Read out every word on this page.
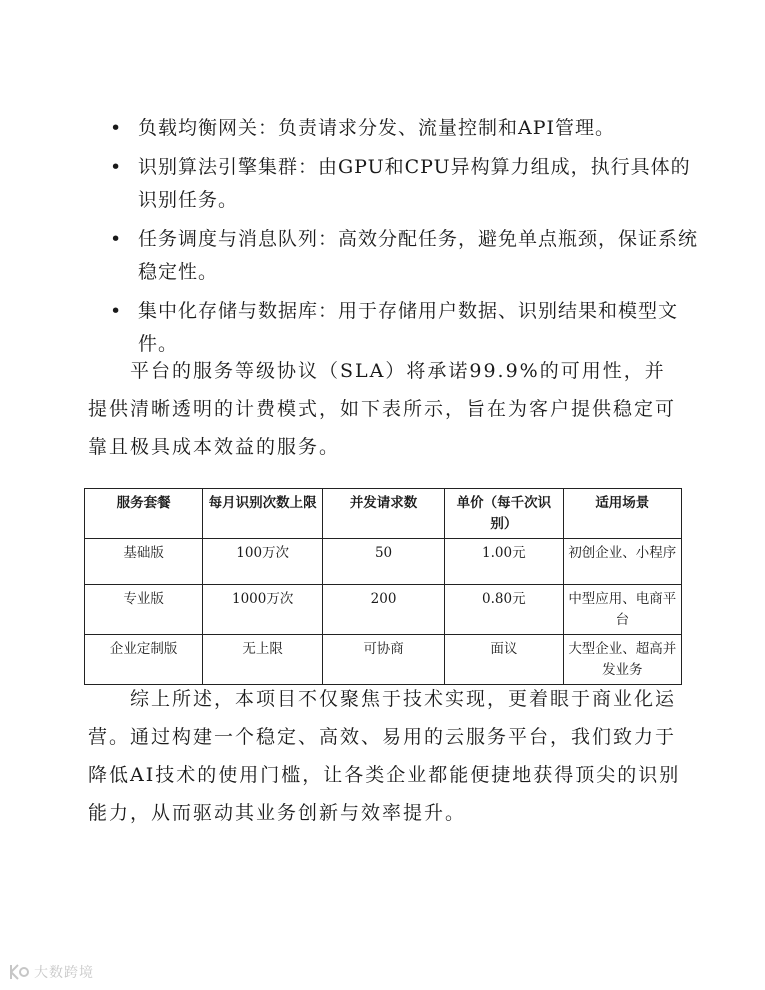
• 负载均衡网关：负责请求分发、流量控制和API管理。
• 识别算法引擎集群：由GPU和CPU异构算力组成，执行具体的识别任务。
• 任务调度与消息队列：高效分配任务，避免单点瓶颈，保证系统稳定性。
• 集中化存储与数据库：用于存储用户数据、识别结果和模型文件。

平台的服务等级协议（SLA）将承诺99.9%的可用性，并提供清晰透明的计费模式，如下表所示，旨在为客户提供稳定可靠且极具成本效益的服务。

服务套餐	每月识别次数上限	并发请求数	单价（每千次识别）	适用场景
基础版	100万次	50	1.00元	初创企业、小程序
专业版	1000万次	200	0.80元	中型应用、电商平台
企业定制版	无上限	可协商	面议	大型企业、超高并发业务

综上所述，本项目不仅聚焦于技术实现，更着眼于商业化运营。通过构建一个稳定、高效、易用的云服务平台，我们致力于降低AI技术的使用门槛，让各类企业都能便捷地获得顶尖的识别能力，从而驱动其业务创新与效率提升。

大数跨境
